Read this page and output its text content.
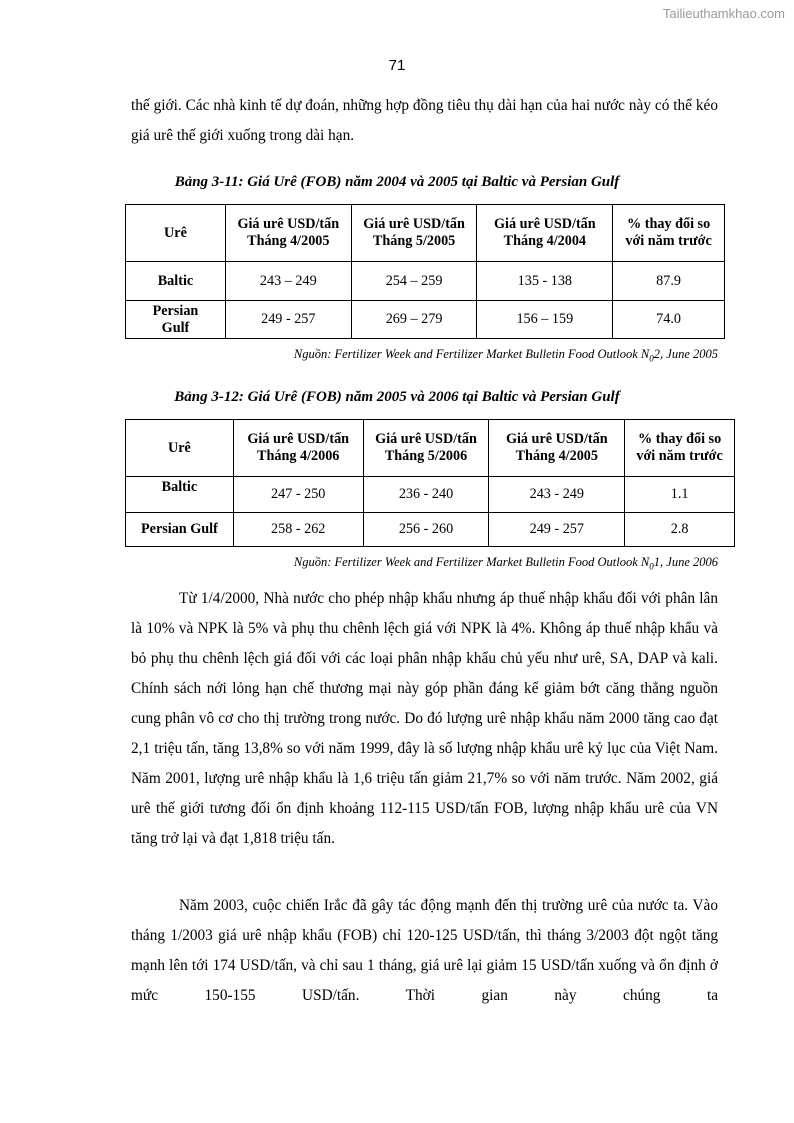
Tailieuthamkhao.com
71

thế giới. Các nhà kinh tế dự đoán, những hợp đồng tiêu thụ dài hạn của hai nước này có thể kéo giá urê thế giới xuống trong dài hạn.

Bảng 3-11: Giá Urê (FOB) năm 2004 và 2005 tại Baltic và Persian Gulf
Urê	Giá urê USD/tấn Tháng 4/2005	Giá urê USD/tấn Tháng 5/2005	Giá urê USD/tấn Tháng 4/2004	% thay đổi so với năm trước
Baltic	243 – 249	254 – 259	135 - 138	87.9
Persian Gulf	249 - 257	269 – 279	156 – 159	74.0
Nguồn: Fertilizer Week and Fertilizer Market Bulletin Food Outlook $N_02$, June 2005
Bảng 3-12: Giá Urê (FOB) năm 2005 và 2006 tại Baltic và Persian Gulf
Urê	Giá urê USD/tấn Tháng 4/2006	Giá urê USD/tấn Tháng 5/2006	Giá urê USD/tấn Tháng 4/2005	% thay đổi so với năm trước
Baltic	247 - 250	236 - 240	243 - 249	1.1
Persian Gulf	258 - 262	256 - 260	249 - 257	2.8
Nguồn: Fertilizer Week and Fertilizer Market Bulletin Food Outlook $N_01$, June 2006

Từ 1/4/2000, Nhà nước cho phép nhập khẩu nhưng áp thuế nhập khẩu đối với phân lân là 10% và NPK là 5% và phụ thu chênh lệch giá với NPK là 4%. Không áp thuế nhập khẩu và bỏ phụ thu chênh lệch giá đối với các loại phân nhập khẩu chủ yếu như urê, SA, DAP và kali. Chính sách nới lỏng hạn chế thương mại này góp phần đáng kể giảm bớt căng thẳng nguồn cung phân vô cơ cho thị trường trong nước. Do đó lượng urê nhập khẩu năm 2000 tăng cao đạt 2,1 triệu tấn, tăng 13,8% so với năm 1999, đây là số lượng nhập khẩu urê kỷ lục của Việt Nam. Năm 2001, lượng urê nhập khẩu là 1,6 triệu tấn giảm 21,7% so với năm trước. Năm 2002, giá urê thế giới tương đối ổn định khoảng 112-115 USD/tấn FOB, lượng nhập khẩu urê của VN tăng trở lại và đạt 1,818 triệu tấn.

Năm 2003, cuộc chiến Irắc đã gây tác động mạnh đến thị trường urê của nước ta. Vào tháng 1/2003 giá urê nhập khẩu (FOB) chỉ 120-125 USD/tấn, thì tháng 3/2003 đột ngột tăng mạnh lên tới 174 USD/tấn, và chỉ sau 1 tháng, giá urê lại giảm 15 USD/tấn xuống và ổn định ở mức 150-155 USD/tấn. Thời gian này chúng ta
